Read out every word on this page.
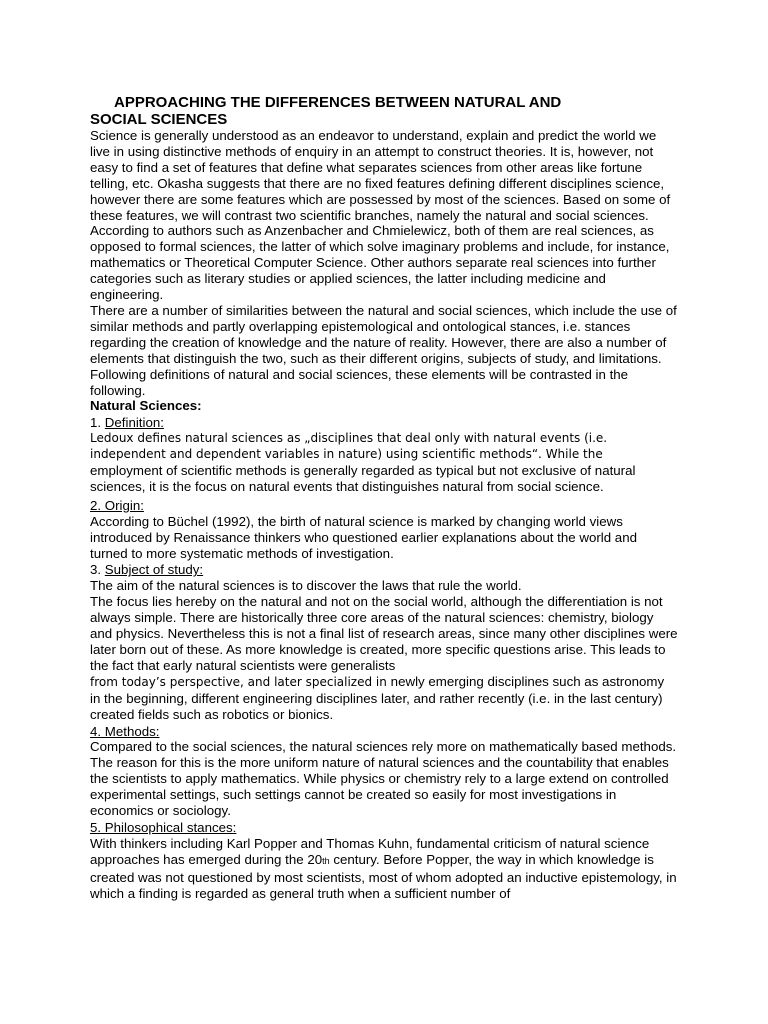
APPROACHING THE DIFFERENCES BETWEEN NATURAL AND
SOCIAL SCIENCES

Science is generally understood as an endeavor to understand, explain and predict the world we live in using distinctive methods of enquiry in an attempt to construct theories. It is, however, not easy to find a set of features that define what separates sciences from other areas like fortune telling, etc. Okasha suggests that there are no fixed features defining different disciplines science, however there are some features which are possessed by most of the sciences. Based on some of these features, we will contrast two scientific branches, namely the natural and social sciences. According to authors such as Anzenbacher and Chmielewicz, both of them are real sciences, as opposed to formal sciences, the latter of which solve imaginary problems and include, for instance, mathematics or Theoretical Computer Science. Other authors separate real sciences into further categories such as literary studies or applied sciences, the latter including medicine and engineering.

There are a number of similarities between the natural and social sciences, which include the use of similar methods and partly overlapping epistemological and ontological stances, i.e. stances regarding the creation of knowledge and the nature of reality. However, there are also a number of elements that distinguish the two, such as their different origins, subjects of study, and limitations. Following definitions of natural and social sciences, these elements will be contrasted in the following.

Natural Sciences:

1. Definition:

Ledoux defines natural sciences as „disciplines that deal only with natural events (i.e. independent and dependent variables in nature) using scientific methods“. While the

employment of scientific methods is generally regarded as typical but not exclusive of natural sciences, it is the focus on natural events that distinguishes natural from social science.

2. Origin:

According to Büchel (1992), the birth of natural science is marked by changing world views introduced by Renaissance thinkers who questioned earlier explanations about the world and turned to more systematic methods of investigation.

3. Subject of study:

The aim of the natural sciences is to discover the laws that rule the world.

The focus lies hereby on the natural and not on the social world, although the differentiation is not always simple. There are historically three core areas of the natural sciences: chemistry, biology and physics. Nevertheless this is not a final list of research areas, since many other disciplines were later born out of these. As more knowledge is created, more specific questions arise. This leads to the fact that early natural scientists were generalists

from today’s perspective, and later specialized in newly emerging disciplines such as astronomy in the beginning, different engineering disciplines later, and rather recently (i.e. in the last century) created fields such as robotics or bionics.

4. Methods:

Compared to the social sciences, the natural sciences rely more on mathematically based methods. The reason for this is the more uniform nature of natural sciences and the countability that enables the scientists to apply mathematics. While physics or chemistry rely to a large extend on controlled experimental settings, such settings cannot be created so easily for most investigations in economics or sociology.

5. Philosophical stances:

With thinkers including Karl Popper and Thomas Kuhn, fundamental criticism of natural science approaches has emerged during the 20th century. Before Popper, the way in which knowledge is created was not questioned by most scientists, most of whom adopted an inductive epistemology, in which a finding is regarded as general truth when a sufficient number of
